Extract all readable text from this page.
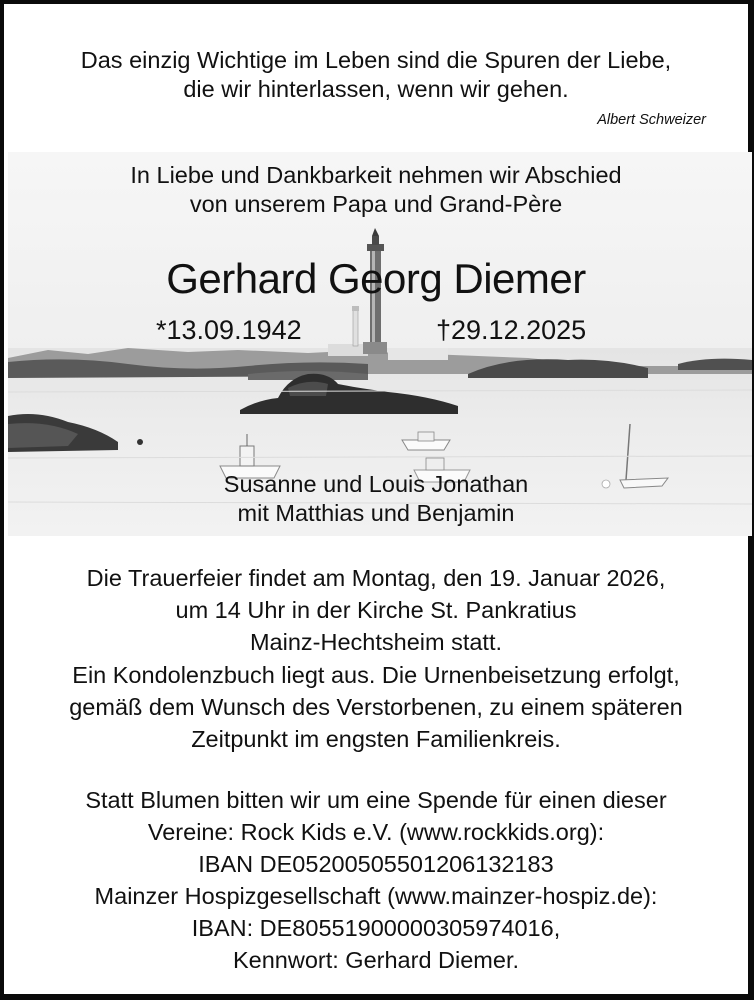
Das einzig Wichtige im Leben sind die Spuren der Liebe,
die wir hinterlassen, wenn wir gehen.
Albert Schweizer
In Liebe und Dankbarkeit nehmen wir Abschied
von unserem Papa und Grand-Père
Gerhard Georg Diemer
*13.09.1942	†29.12.2025
Susanne und Louis Jonathan
mit Matthias und Benjamin
Die Trauerfeier findet am Montag, den 19. Januar 2026,
um 14 Uhr in der Kirche St. Pankratius
Mainz-Hechtsheim statt.
Ein Kondolenzbuch liegt aus. Die Urnenbeisetzung erfolgt,
gemäß dem Wunsch des Verstorbenen, zu einem späteren
Zeitpunkt im engsten Familienkreis.
Statt Blumen bitten wir um eine Spende für einen dieser
Vereine: Rock Kids e.V. (www.rockkids.org):
IBAN DE05200505501206132183
Mainzer Hospizgesellschaft (www.mainzer-hospiz.de):
IBAN: DE80551900000305974016,
Kennwort: Gerhard Diemer.
